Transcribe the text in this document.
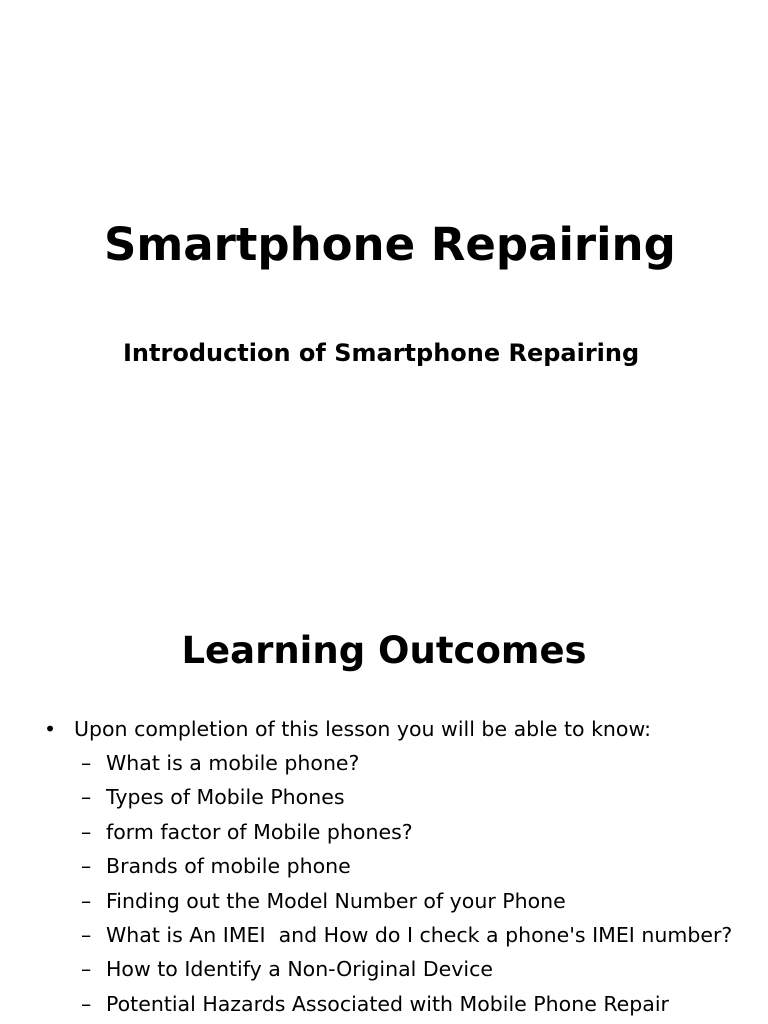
Smartphone Repairing
Introduction of Smartphone Repairing
Learning Outcomes
• Upon completion of this lesson you will be able to know:
– What is a mobile phone?
– Types of Mobile Phones
– form factor of Mobile phones?
– Brands of mobile phone
– Finding out the Model Number of your Phone
– What is An IMEI  and How do I check a phone's IMEI number?
– How to Identify a Non-Original Device
– Potential Hazards Associated with Mobile Phone Repair
